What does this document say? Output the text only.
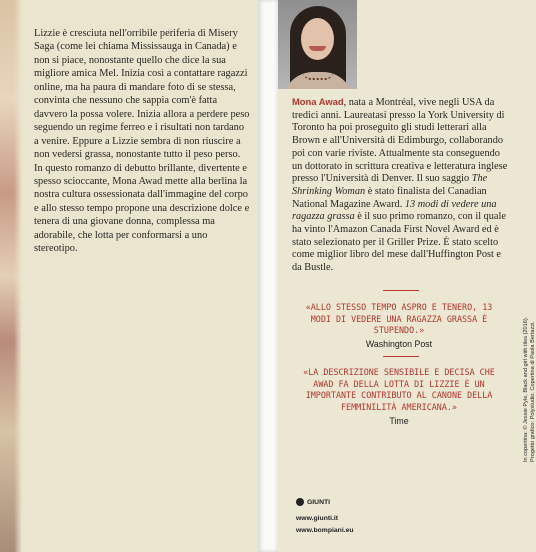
Lizzie è cresciuta nell'orribile periferia di Misery Saga (come lei chiama Mississauga in Canada) e non si piace, nonostante quello che dice la sua migliore amica Mel. Inizia così a contattare ragazzi online, ma ha paura di mandare foto di se stessa, convinta che nessuno che sappia com'è fatta davvero la possa volere. Inizia allora a perdere peso seguendo un regime ferreo e i risultati non tardano a venire. Eppure a Lizzie sembra di non riuscire a non vedersi grassa, nonostante tutto il peso perso.

In questo romanzo di debutto brillante, divertente e spesso scioccante, Mona Awad mette alla berlina la nostra cultura ossessionata dall'immagine del corpo e allo stesso tempo propone una descrizione dolce e tenera di una giovane donna, complessa ma adorabile, che lotta per conformarsi a uno stereotipo.

Mona Awad, nata a Montréal, vive negli USA da tredici anni. Laureatasi presso la York University di Toronto ha poi proseguito gli studi letterari alla Brown e all'Università di Edimburgo, collaborando poi con varie riviste. Attualmente sta conseguendo un dottorato in scrittura creativa e letteratura inglese presso l'Università di Denver. Il suo saggio The Shrinking Woman è stato finalista del Canadian National Magazine Award. 13 modi di vedere una ragazza grassa è il suo primo romanzo, con il quale ha vinto l'Amazon Canada First Novel Award ed è stato selezionato per il Griller Prize. È stato scelto come miglior libro del mese dall'Huffington Post e da Bustle.
«ALLO STESSO TEMPO ASPRO E TENERO, 13 MODI DI VEDERE UNA RAGAZZA GRASSA È STUPENDO.»
Washington Post
«LA DESCRIZIONE SENSIBILE E DECISA CHE AWAD FA DELLA LOTTA DI LIZZIE È UN IMPORTANTE CONTRIBUTO AL CANONE DELLA FEMMINILITÀ AMERICANA.»
Time
GIUNTI
www.giunti.it
www.bompiani.eu
In copertina: © Jessie Pyle, Black and girl with tiles (2016). Progetto grafico: Polystudio. Copertina di Paola Bertazzi.
